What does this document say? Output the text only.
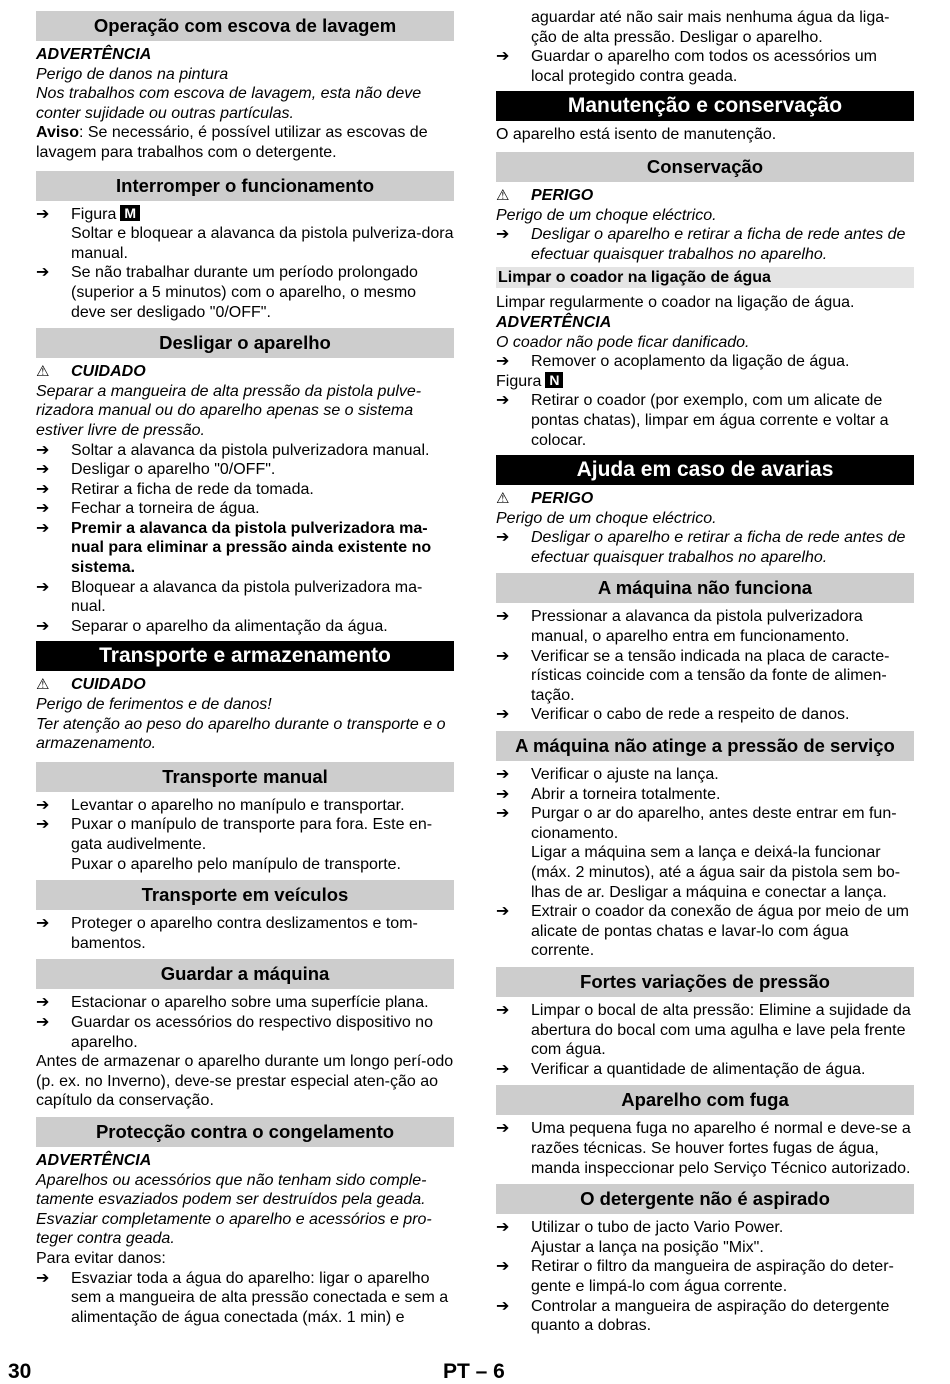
Operação com escova de lavagem
ADVERTÊNCIA
Perigo de danos na pintura
Nos trabalhos com escova de lavagem, esta não deve conter sujidade ou outras partículas.
Aviso: Se necessário, é possível utilizar as escovas de lavagem para trabalhos com o detergente.
Interromper o funcionamento
➔ Figura M
Soltar e bloquear a alavanca da pistola pulveriza-dora manual.
➔ Se não trabalhar durante um período prolongado (superior a 5 minutos) com o aparelho, o mesmo deve ser desligado "0/OFF".
Desligar o aparelho
⚠ CUIDADO
Separar a mangueira de alta pressão da pistola pulve-rizadora manual ou do aparelho apenas se o sistema estiver livre de pressão.
➔ Soltar a alavanca da pistola pulverizadora manual.
➔ Desligar o aparelho "0/OFF".
➔ Retirar a ficha de rede da tomada.
➔ Fechar a torneira de água.
➔ Premir a alavanca da pistola pulverizadora ma-nual para eliminar a pressão ainda existente no sistema.
➔ Bloquear a alavanca da pistola pulverizadora ma-nual.
➔ Separar o aparelho da alimentação da água.
Transporte e armazenamento
⚠ CUIDADO
Perigo de ferimentos e de danos!
Ter atenção ao peso do aparelho durante o transporte e o armazenamento.
Transporte manual
➔ Levantar o aparelho no manípulo e transportar.
➔ Puxar o manípulo de transporte para fora. Este en-gata audivelmente.
Puxar o aparelho pelo manípulo de transporte.
Transporte em veículos
➔ Proteger o aparelho contra deslizamentos e tom-bamentos.
Guardar a máquina
➔ Estacionar o aparelho sobre uma superfície plana.
➔ Guardar os acessórios do respectivo dispositivo no aparelho.
Antes de armazenar o aparelho durante um longo perí-odo (p. ex. no Inverno), deve-se prestar especial aten-ção ao capítulo da conservação.
Protecção contra o congelamento
ADVERTÊNCIA
Aparelhos ou acessórios que não tenham sido comple-tamente esvaziados podem ser destruídos pela geada.
Esvaziar completamente o aparelho e acessórios e pro-teger contra geada.
Para evitar danos:
➔ Esvaziar toda a água do aparelho: ligar o aparelho sem a mangueira de alta pressão conectada e sem a alimentação de água conectada (máx. 1 min) e
aguardar até não sair mais nenhuma água da liga-ção de alta pressão. Desligar o aparelho.
➔ Guardar o aparelho com todos os acessórios um local protegido contra geada.
Manutenção e conservação
O aparelho está isento de manutenção.
Conservação
⚠ PERIGO
Perigo de um choque eléctrico.
➔ Desligar o aparelho e retirar a ficha de rede antes de efectuar quaisquer trabalhos no aparelho.
Limpar o coador na ligação de água
Limpar regularmente o coador na ligação de água.
ADVERTÊNCIA
O coador não pode ficar danificado.
➔ Remover o acoplamento da ligação de água.
Figura N
➔ Retirar o coador (por exemplo, com um alicate de pontas chatas), limpar em água corrente e voltar a colocar.
Ajuda em caso de avarias
⚠ PERIGO
Perigo de um choque eléctrico.
➔ Desligar o aparelho e retirar a ficha de rede antes de efectuar quaisquer trabalhos no aparelho.
A máquina não funciona
➔ Pressionar a alavanca da pistola pulverizadora manual, o aparelho entra em funcionamento.
➔ Verificar se a tensão indicada na placa de caracte-rísticas coincide com a tensão da fonte de alimen-tação.
➔ Verificar o cabo de rede a respeito de danos.
A máquina não atinge a pressão de serviço
➔ Verificar o ajuste na lança.
➔ Abrir a torneira totalmente.
➔ Purgar o ar do aparelho, antes deste entrar em fun-cionamento.
Ligar a máquina sem a lança e deixá-la funcionar (máx. 2 minutos), até a água sair da pistola sem bo-lhas de ar. Desligar a máquina e conectar a lança.
➔ Extrair o coador da conexão de água por meio de um alicate de pontas chatas e lavar-lo com água corrente.
Fortes variações de pressão
➔ Limpar o bocal de alta pressão: Elimine a sujidade da abertura do bocal com uma agulha e lave pela frente com água.
➔ Verificar a quantidade de alimentação de água.
Aparelho com fuga
➔ Uma pequena fuga no aparelho é normal e deve-se a razões técnicas. Se houver fortes fugas de água, manda inspeccionar pelo Serviço Técnico autorizado.
O detergente não é aspirado
➔ Utilizar o tubo de jacto Vario Power.
Ajustar a lança na posição "Mix".
➔ Retirar o filtro da mangueira de aspiração do deter-gente e limpá-lo com água corrente.
➔ Controlar a mangueira de aspiração do detergente quanto a dobras.
30	PT – 6
